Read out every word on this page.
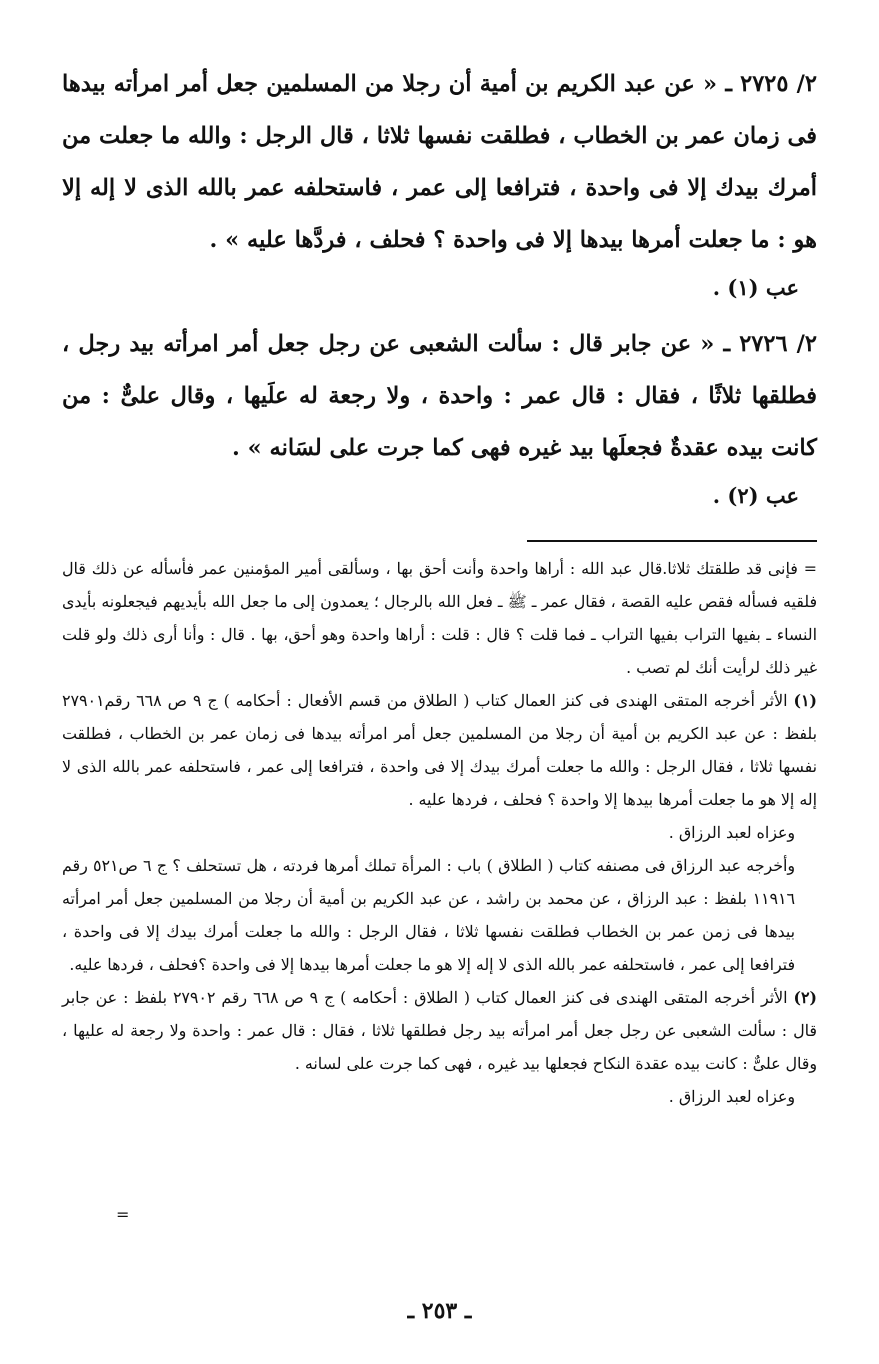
٢/ ٢٧٢٥ ـ « عن عبد الكريم بن أمية أن رجلا من المسلمين جعل أمر امرأته بيدها فى زمان عمر بن الخطاب ، فطلقت نفسها ثلاثا ، قال الرجل : والله ما جعلت من أمرك بيدك إلا فى واحدة ، فترافعا إلى عمر ، فاستحلفه عمر بالله الذى لا إله إلا هو : ما جعلت أمرها بيدها إلا فى واحدة ؟ فحلف ، فردَّها عليه » .

عب (١) .

٢/ ٢٧٢٦ ـ « عن جابر قال : سألت الشعبى عن رجل جعل أمر امرأته بيد رجل ، فطلقها ثلاثًا ، فقال : قال عمر : واحدة ، ولا رجعة له علَيها ، وقال علىٌّ : من كانت بيده عقدةٌ فجعلَها بيد غيره فهى كما جرت على لسَانه » .

عب (٢) .

= فإنى قد طلقتك ثلاثا.قال عبد الله : أراها واحدة وأنت أحق بها ، وسألقى أمير المؤمنين عمر فأسأله عن ذلك قال فلقيه فسأله فقص عليه القصة ، فقال عمر ـ ﷺ ـ فعل الله بالرجال ؛ يعمدون إلى ما جعل الله بأيديهم فيجعلونه بأيدى النساء ـ بفيها التراب بفيها التراب ـ فما قلت ؟ قال : قلت : أراها واحدة وهو أحق، بها . قال : وأنا أرى ذلك ولو قلت غير ذلك لرأيت أنك لم تصب .

(١) الأثر أخرجه المتقى الهندى فى كنز العمال كتاب ( الطلاق من قسم الأفعال : أحكامه ) ج ٩ ص ٦٦٨ رقم٢٧٩٠١ بلفظ : عن عبد الكريم بن أمية أن رجلا من المسلمين جعل أمر امرأته بيدها فى زمان عمر بن الخطاب ، فطلقت نفسها ثلاثا ، فقال الرجل : والله ما جعلت أمرك بيدك إلا فى واحدة ، فترافعا إلى عمر ، فاستحلفه عمر بالله الذى لا إله إلا هو ما جعلت أمرها بيدها إلا واحدة ؟ فحلف ، فردها عليه .

وعزاه لعبد الرزاق .

وأخرجه عبد الرزاق فى مصنفه كتاب ( الطلاق ) باب : المرأة تملك أمرها فردته ، هل تستحلف ؟ ج ٦ ص٥٢١ رقم ١١٩١٦ بلفظ : عبد الرزاق ، عن محمد بن راشد ، عن عبد الكريم بن أمية أن رجلا من المسلمين جعل أمر امرأته بيدها فى زمن عمر بن الخطاب فطلقت نفسها ثلاثا ، فقال الرجل : والله ما جعلت أمرك بيدك إلا فى واحدة ، فترافعا إلى عمر ، فاستحلفه عمر بالله الذى لا إله إلا هو ما جعلت أمرها بيدها إلا فى واحدة ؟فحلف ، فردها عليه.

(٢) الأثر أخرجه المتقى الهندى فى كنز العمال كتاب ( الطلاق : أحكامه ) ج ٩ ص ٦٦٨ رقم ٢٧٩٠٢ بلفظ : عن جابر قال : سألت الشعبى عن رجل جعل أمر امرأته بيد رجل فطلقها ثلاثا ، فقال : قال عمر : واحدة ولا رجعة له عليها ، وقال علىٌّ : كانت بيده عقدة النكاح فجعلها بيد غيره ، فهى كما جرت على لسانه .

وعزاه لعبد الرزاق .

=
ـ ٢٥٣ ـ
